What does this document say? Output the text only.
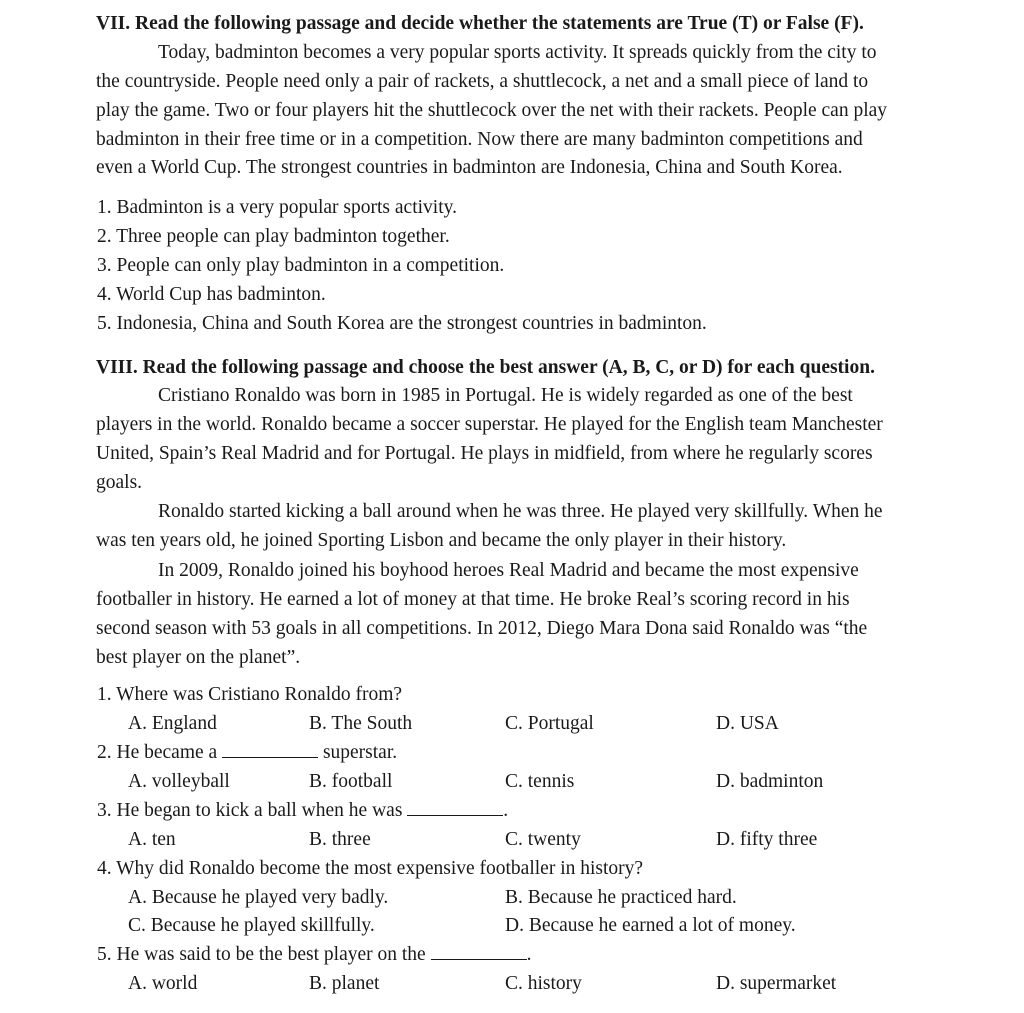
VII. Read the following passage and decide whether the statements are True (T) or False (F).
Today, badminton becomes a very popular sports activity. It spreads quickly from the city to
the countryside. People need only a pair of rackets, a shuttlecock, a net and a small piece of land to
play the game. Two or four players hit the shuttlecock over the net with their rackets. People can play
badminton in their free time or in a competition. Now there are many badminton competitions and
even a World Cup. The strongest countries in badminton are Indonesia, China and South Korea.
1. Badminton is a very popular sports activity.
2. Three people can play badminton together.
3. People can only play badminton in a competition.
4. World Cup has badminton.
5. Indonesia, China and South Korea are the strongest countries in badminton.
VIII. Read the following passage and choose the best answer (A, B, C, or D) for each question.
Cristiano Ronaldo was born in 1985 in Portugal. He is widely regarded as one of the best
players in the world. Ronaldo became a soccer superstar. He played for the English team Manchester
United, Spain’s Real Madrid and for Portugal. He plays in midfield, from where he regularly scores
goals.
Ronaldo started kicking a ball around when he was three. He played very skillfully. When he
was ten years old, he joined Sporting Lisbon and became the only player in their history.
In 2009, Ronaldo joined his boyhood heroes Real Madrid and became the most expensive
footballer in history. He earned a lot of money at that time. He broke Real’s scoring record in his
second season with 53 goals in all competitions. In 2012, Diego Mara Dona said Ronaldo was “the
best player on the planet”.
1. Where was Cristiano Ronaldo from?
A. England	B. The South	C. Portugal	D. USA
2. He became a	superstar.
A. volleyball	B. football	C. tennis	D. badminton
3. He began to kick a ball when he was	.
A. ten	B. three	C. twenty	D. fifty three
4. Why did Ronaldo become the most expensive footballer in history?
A. Because he played very badly.	B. Because he practiced hard.
C. Because he played skillfully.	D. Because he earned a lot of money.
5. He was said to be the best player on the	.
A. world	B. planet	C. history	D. supermarket
